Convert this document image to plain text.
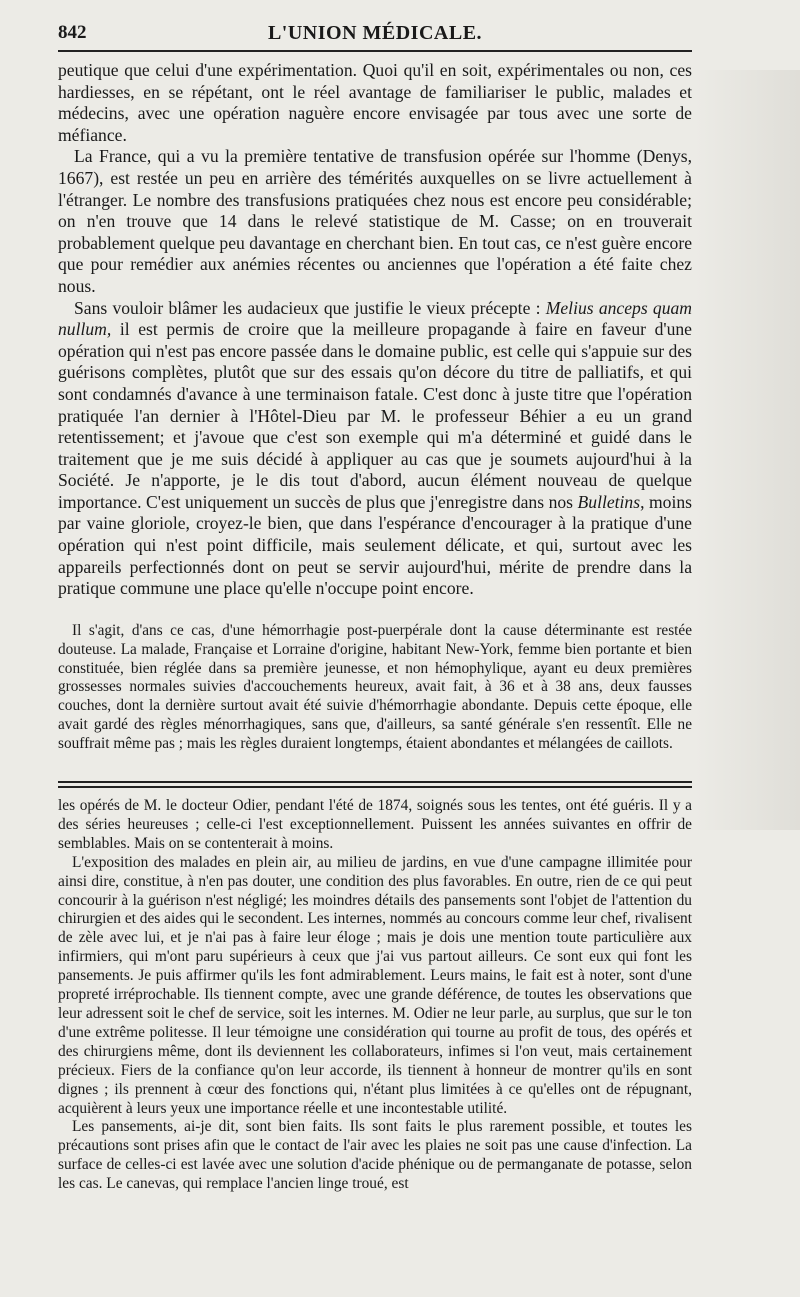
842	L'UNION MÉDICALE.

peutique que celui d'une expérimentation. Quoi qu'il en soit, expérimentales ou non, ces hardiesses, en se répétant, ont le réel avantage de familiariser le public, malades et médecins, avec une opération naguère encore envisagée par tous avec une sorte de méfiance.

La France, qui a vu la première tentative de transfusion opérée sur l'homme (Denys, 1667), est restée un peu en arrière des témérités auxquelles on se livre actuellement à l'étranger. Le nombre des transfusions pratiquées chez nous est encore peu considérable; on n'en trouve que 14 dans le relevé statistique de M. Casse; on en trouverait probablement quelque peu davantage en cherchant bien. En tout cas, ce n'est guère encore que pour remédier aux anémies récentes ou anciennes que l'opération a été faite chez nous.

Sans vouloir blâmer les audacieux que justifie le vieux précepte : Melius anceps quam nullum, il est permis de croire que la meilleure propagande à faire en faveur d'une opération qui n'est pas encore passée dans le domaine public, est celle qui s'appuie sur des guérisons complètes, plutôt que sur des essais qu'on décore du titre de palliatifs, et qui sont condamnés d'avance à une terminaison fatale. C'est donc à juste titre que l'opération pratiquée l'an dernier à l'Hôtel-Dieu par M. le professeur Béhier a eu un grand retentissement; et j'avoue que c'est son exemple qui m'a déterminé et guidé dans le traitement que je me suis décidé à appliquer au cas que je soumets aujourd'hui à la Société. Je n'apporte, je le dis tout d'abord, aucun élément nouveau de quelque importance. C'est uniquement un succès de plus que j'enregistre dans nos Bulletins, moins par vaine gloriole, croyez-le bien, que dans l'espérance d'encourager à la pratique d'une opération qui n'est point difficile, mais seulement délicate, et qui, surtout avec les appareils perfectionnés dont on peut se servir aujourd'hui, mérite de prendre dans la pratique commune une place qu'elle n'occupe point encore.

Il s'agit, d'ans ce cas, d'une hémorrhagie post-puerpérale dont la cause déterminante est restée douteuse. La malade, Française et Lorraine d'origine, habitant New-York, femme bien portante et bien constituée, bien réglée dans sa première jeunesse, et non hémophylique, ayant eu deux premières grossesses normales suivies d'accouchements heureux, avait fait, à 36 et à 38 ans, deux fausses couches, dont la dernière surtout avait été suivie d'hémorrhagie abondante. Depuis cette époque, elle avait gardé des règles ménorrhagiques, sans que, d'ailleurs, sa santé générale s'en ressentît. Elle ne souffrait même pas ; mais les règles duraient longtemps, étaient abondantes et mélangées de caillots.

les opérés de M. le docteur Odier, pendant l'été de 1874, soignés sous les tentes, ont été guéris. Il y a des séries heureuses ; celle-ci l'est exceptionnellement. Puissent les années suivantes en offrir de semblables. Mais on se contenterait à moins.

L'exposition des malades en plein air, au milieu de jardins, en vue d'une campagne illimitée pour ainsi dire, constitue, à n'en pas douter, une condition des plus favorables. En outre, rien de ce qui peut concourir à la guérison n'est négligé; les moindres détails des pansements sont l'objet de l'attention du chirurgien et des aides qui le secondent. Les internes, nommés au concours comme leur chef, rivalisent de zèle avec lui, et je n'ai pas à faire leur éloge ; mais je dois une mention toute particulière aux infirmiers, qui m'ont paru supérieurs à ceux que j'ai vus partout ailleurs. Ce sont eux qui font les pansements. Je puis affirmer qu'ils les font admirablement. Leurs mains, le fait est à noter, sont d'une propreté irréprochable. Ils tiennent compte, avec une grande déférence, de toutes les observations que leur adressent soit le chef de service, soit les internes. M. Odier ne leur parle, au surplus, que sur le ton d'une extrême politesse. Il leur témoigne une considération qui tourne au profit de tous, des opérés et des chirurgiens même, dont ils deviennent les collaborateurs, infimes si l'on veut, mais certainement précieux. Fiers de la confiance qu'on leur accorde, ils tiennent à honneur de montrer qu'ils en sont dignes ; ils prennent à cœur des fonctions qui, n'étant plus limitées à ce qu'elles ont de répugnant, acquièrent à leurs yeux une importance réelle et une incontestable utilité.

Les pansements, ai-je dit, sont bien faits. Ils sont faits le plus rarement possible, et toutes les précautions sont prises afin que le contact de l'air avec les plaies ne soit pas une cause d'infection. La surface de celles-ci est lavée avec une solution d'acide phénique ou de permanganate de potasse, selon les cas. Le canevas, qui remplace l'ancien linge troué, est
